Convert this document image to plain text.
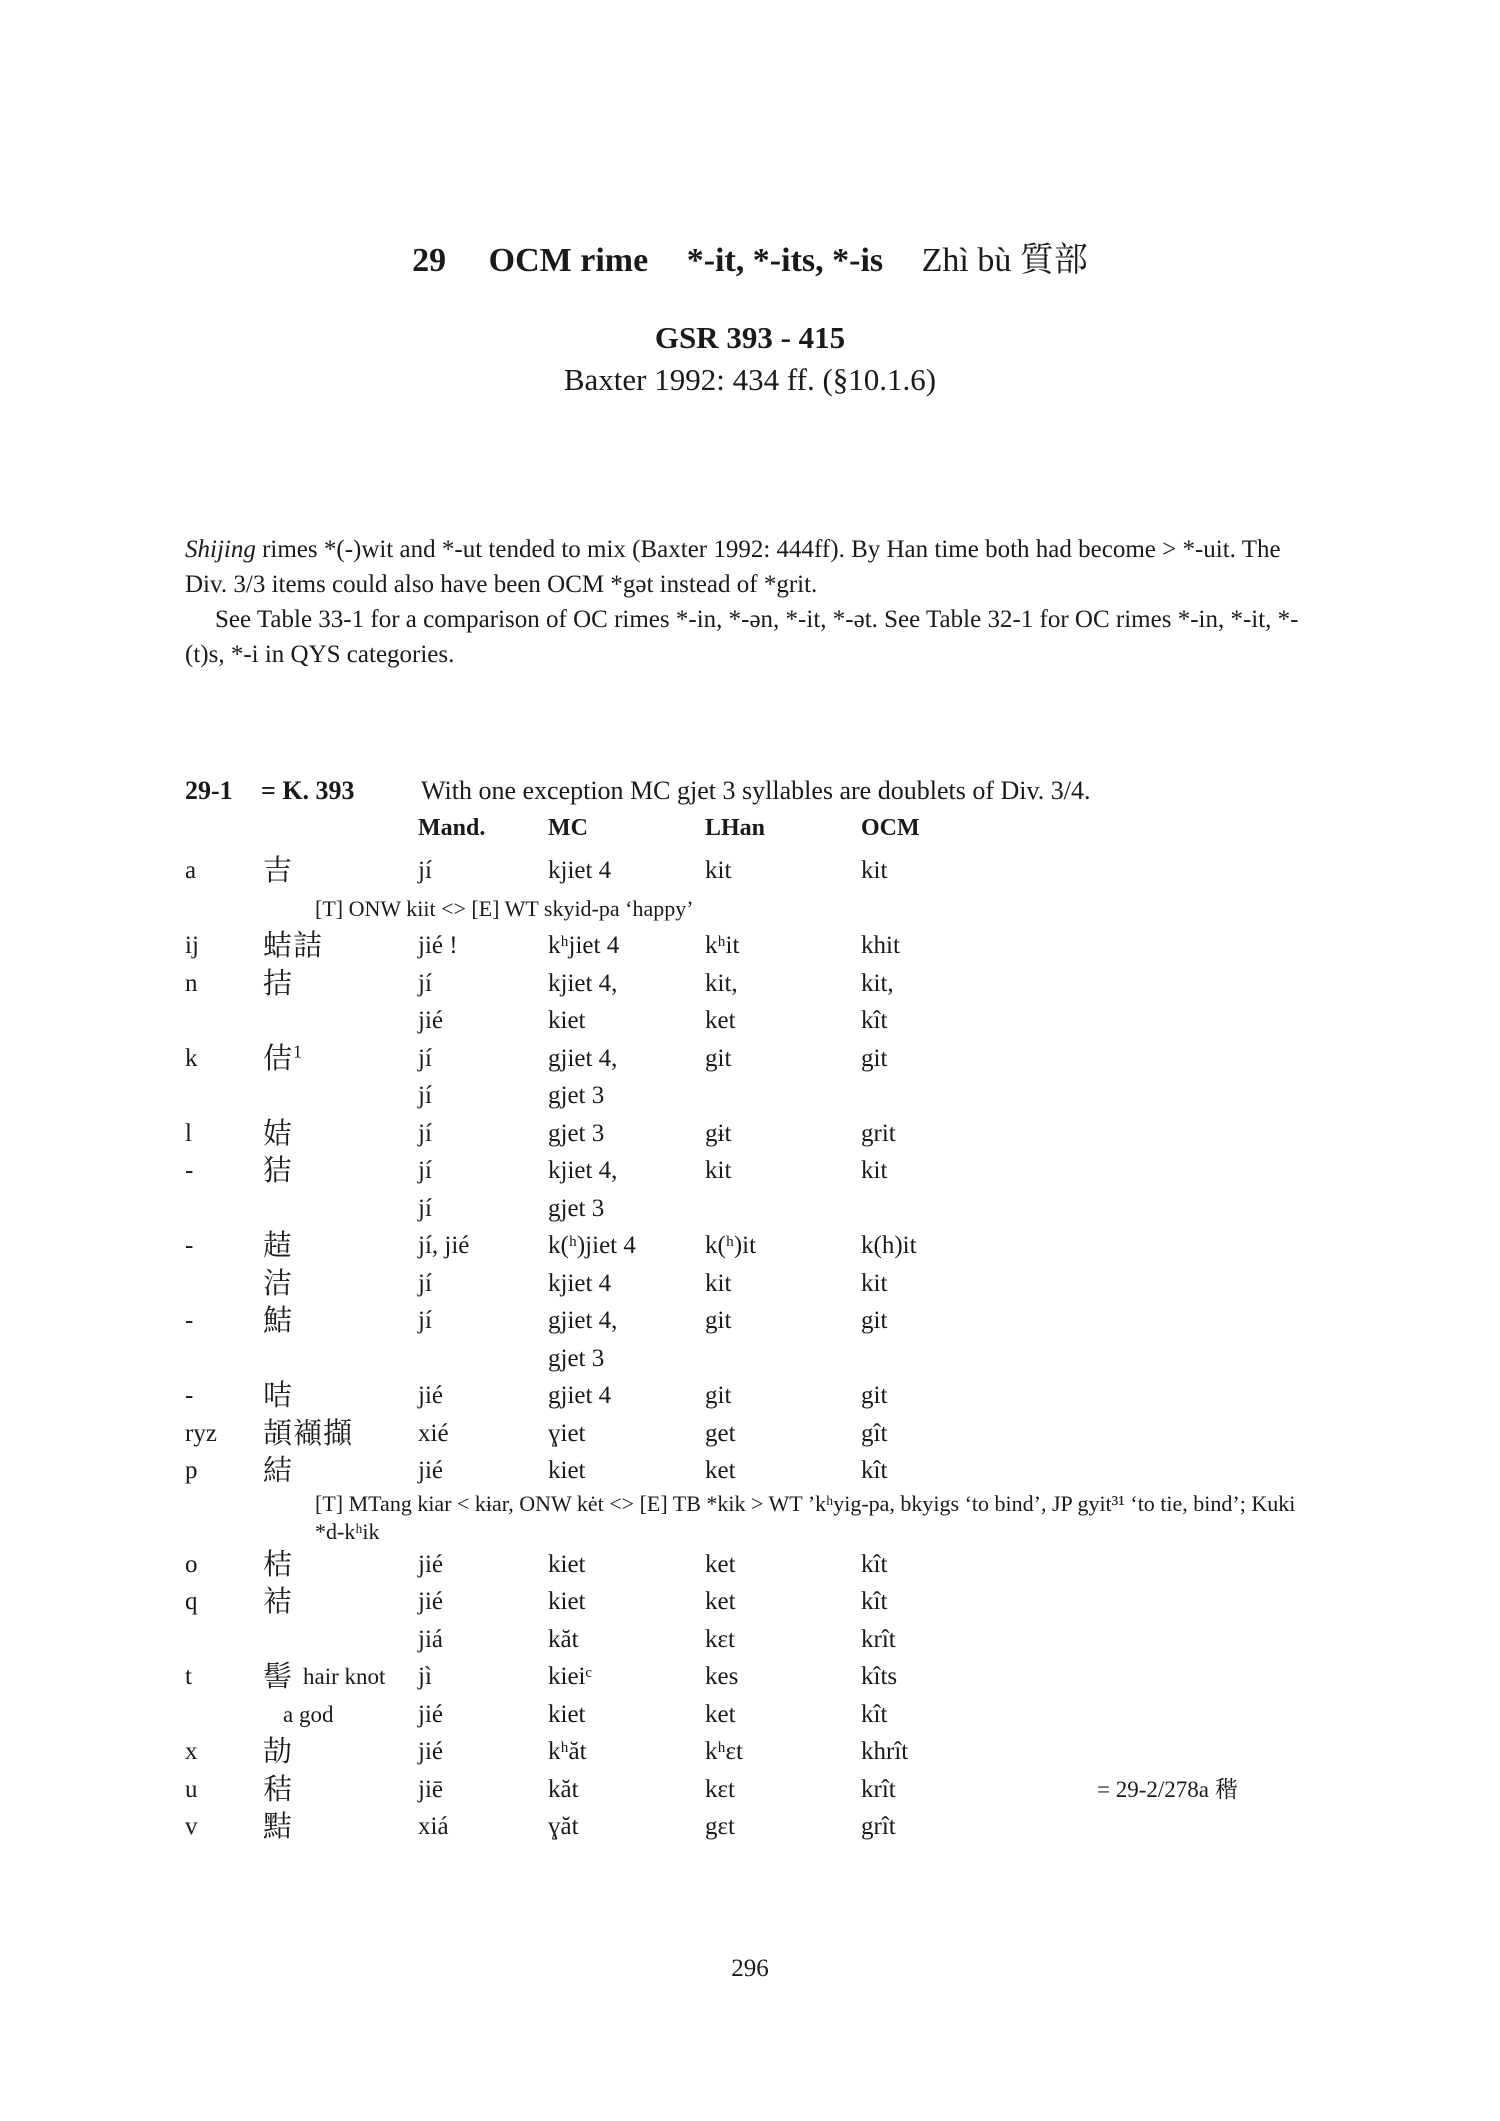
29 OCM rime *-it, *-its, *-is Zhì bù 質部
GSR 393 - 415
Baxter 1992: 434 ff. (§10.1.6)

Shijing rimes *(-)wit and *-ut tended to mix (Baxter 1992: 444ff). By Han time both had become > *-uit. The Div. 3/3 items could also have been OCM *gət instead of *grit.

See Table 33-1 for a comparison of OC rimes *-in, *-ən, *-it, *-ət. See Table 32-1 for OC rimes *-in, *-it, *-(t)s, *-i in QYS categories.

29-1 = K. 393	With one exception MC gjet 3 syllables are doublets of Div. 3/4.
Mand.	MC	LHan	OCM
a 吉	jí	kjiet 4	kit	kit
[T] ONW kiit <> [E] WT skyid-pa ‘happy’
ij 蛣詰	jié !	kʰjiet 4	kʰit	khit
n 拮	jí	kjiet 4,	kit,	kit,
jié	kiet	ket	kît
k 佶$^1$	jí	gjiet 4,	git	git
jí	gjet 3
l 姞	jí	gjet 3	gɨt	grit
- 狤	jí	kjiet 4,	kit	kit
jí	gjet 3
- 趌	jí, jié	k(ʰ)jiet 4	k(ʰ)it	k(h)it
洁	jí	kjiet 4	kit	kit
- 鮚	jí	gjiet 4,	git	git
gjet 3
- 咭	jié	gjiet 4	git	git
ryz 頡襭擷	xié	ɣiet	get	gît
p 結	jié	kiet	ket	kît
[T] MTang kiar < kɨar, ONW kėt <> [E] TB *kik > WT ’kʰyig-pa, bkyigs ‘to bind’, JP gyit³¹ ‘to tie, bind’; Kuki *d-kʰik
o 桔	jié	kiet	ket	kît
q 袺	jié	kiet	ket	kît
jiá	kăt	kɛt	krît
t 髻 hair knot jì	kieiᶜ	kes	kîts
a god	jié	kiet	ket	kît
x 劼	jié	kʰăt	kʰɛt	khrît
u 秸	jiē	kăt	kɛt	krît	= 29-2/278a 稭
v 黠	xiá	ɣăt	gɛt	grît
296
